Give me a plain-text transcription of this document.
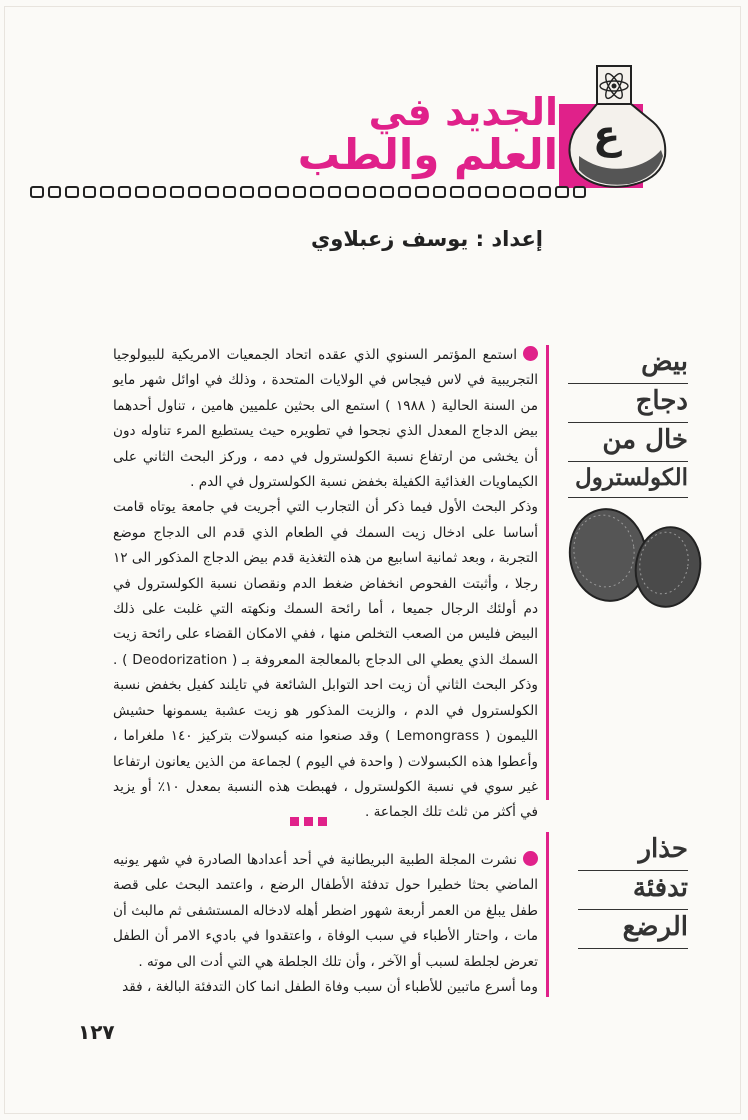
ع
الجديد في
العلم والطب
إعداد : يوسف زعبلاوي
بيض
دجاج
خال من
الكولسترول

استمع المؤتمر السنوي الذي عقده اتحاد الجمعيات الامريكية للبيولوجيا التجريبية في لاس فيجاس في الولايات المتحدة ، وذلك في اوائل شهر مايو من السنة الحالية ( ١٩٨٨ ) استمع الى بحثين علميين هامين ، تناول أحدهما بيض الدجاج المعدل الذي نجحوا في تطويره حيث يستطيع المرء تناوله دون أن يخشى من ارتفاع نسبة الكولسترول في دمه ، وركز البحث الثاني على الكيماويات الغذائية الكفيلة بخفض نسبة الكولسترول في الدم .

وذكر البحث الأول فيما ذكر أن التجارب التي أجريت في جامعة يوتاه قامت أساسا على ادخال زيت السمك في الطعام الذي قدم الى الدجاج موضع التجربة ، وبعد ثمانية اسابيع من هذه التغذية قدم بيض الدجاج المذكور الى ١٢ رجلا ، وأثبتت الفحوص انخفاض ضغط الدم ونقصان نسبة الكولسترول في دم أولئك الرجال جميعا ، أما رائحة السمك ونكهته التي غلبت على ذلك البيض فليس من الصعب التخلص منها ، ففي الامكان القضاء على رائحة زيت السمك الذي يعطي الى الدجاج بالمعالجة المعروفة بـ ( Deodorization ) . وذكر البحث الثاني أن زيت احد التوابل الشائعة في تايلند كفيل بخفض نسبة الكولسترول في الدم ، والزيت المذكور هو زيت عشبة يسمونها حشيش الليمون ( Lemongrass ) وقد صنعوا منه كبسولات بتركيز ١٤٠ ملغراما ، وأعطوا هذه الكبسولات ( واحدة في اليوم ) لجماعة من الذين يعانون ارتفاعا غير سوي في نسبة الكولسترول ، فهبطت هذه النسبة بمعدل ١٠٪ أو يزيد في أكثر من ثلث تلك الجماعة .

حذار
تدفئة
الرضع

نشرت المجلة الطبية البريطانية في أحد أعدادها الصادرة في شهر يونيه الماضي بحثا خطيرا حول تدفئة الأطفال الرضع ، واعتمد البحث على قصة طفل يبلغ من العمر أربعة شهور اضطر أهله لادخاله المستشفى ثم مالبث أن مات ، واحتار الأطباء في سبب الوفاة ، واعتقدوا في باديء الامر أن الطفل تعرض لجلطة لسبب أو الآخر ، وأن تلك الجلطة هي التي أدت الى موته .

وما أسرع ماتبين للأطباء أن سبب وفاة الطفل انما كان التدفئة البالغة ، فقد

١٢٧
